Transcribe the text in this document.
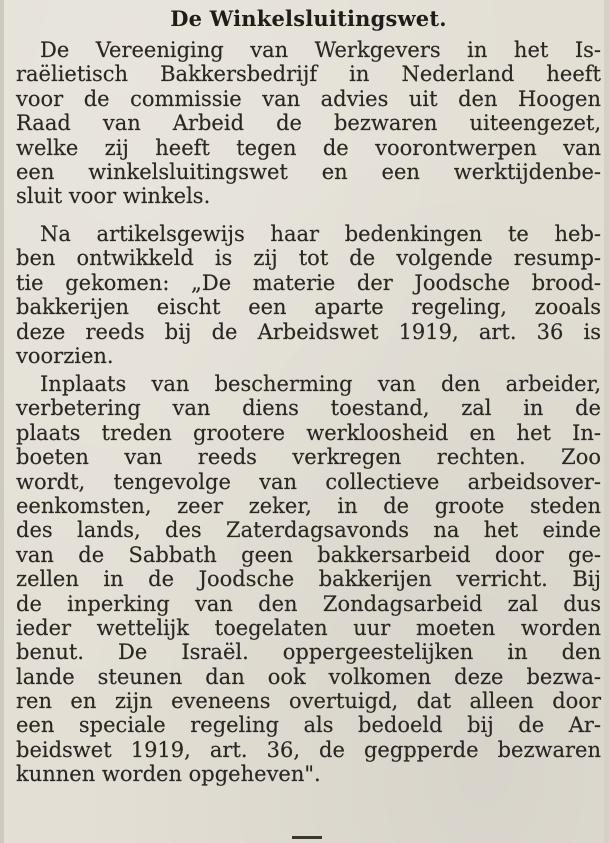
De Winkelsluitingswet.
De Vereeniging van Werkgevers in het Is-
raëlietisch Bakkersbedrijf in Nederland heeft
voor de commissie van advies uit den Hoogen
Raad van Arbeid de bezwaren uiteengezet,
welke zij heeft tegen de voorontwerpen van
een winkelsluitingswet en een werktijdenbe-
sluit voor winkels.
Na artikelsgewijs haar bedenkingen te heb-
ben ontwikkeld is zij tot de volgende resump-
tie gekomen: „De materie der Joodsche brood-
bakkerijen eischt een aparte regeling, zooals
deze reeds bij de Arbeidswet 1919, art. 36 is
voorzien.
Inplaats van bescherming van den arbeider,
verbetering van diens toestand, zal in de
plaats treden grootere werkloosheid en het In-
boeten van reeds verkregen rechten. Zoo
wordt, tengevolge van collectieve arbeidsover-
eenkomsten, zeer zeker, in de groote steden
des lands, des Zaterdagsavonds na het einde
van de Sabbath geen bakkersarbeid door ge-
zellen in de Joodsche bakkerijen verricht. Bij
de inperking van den Zondagsarbeid zal dus
ieder wettelijk toegelaten uur moeten worden
benut. De Israël. oppergeestelijken in den
lande steunen dan ook volkomen deze bezwa-
ren en zijn eveneens overtuigd, dat alleen door
een speciale regeling als bedoeld bij de Ar-
beidswet 1919, art. 36, de gegpperde bezwaren
kunnen worden opgeheven".
